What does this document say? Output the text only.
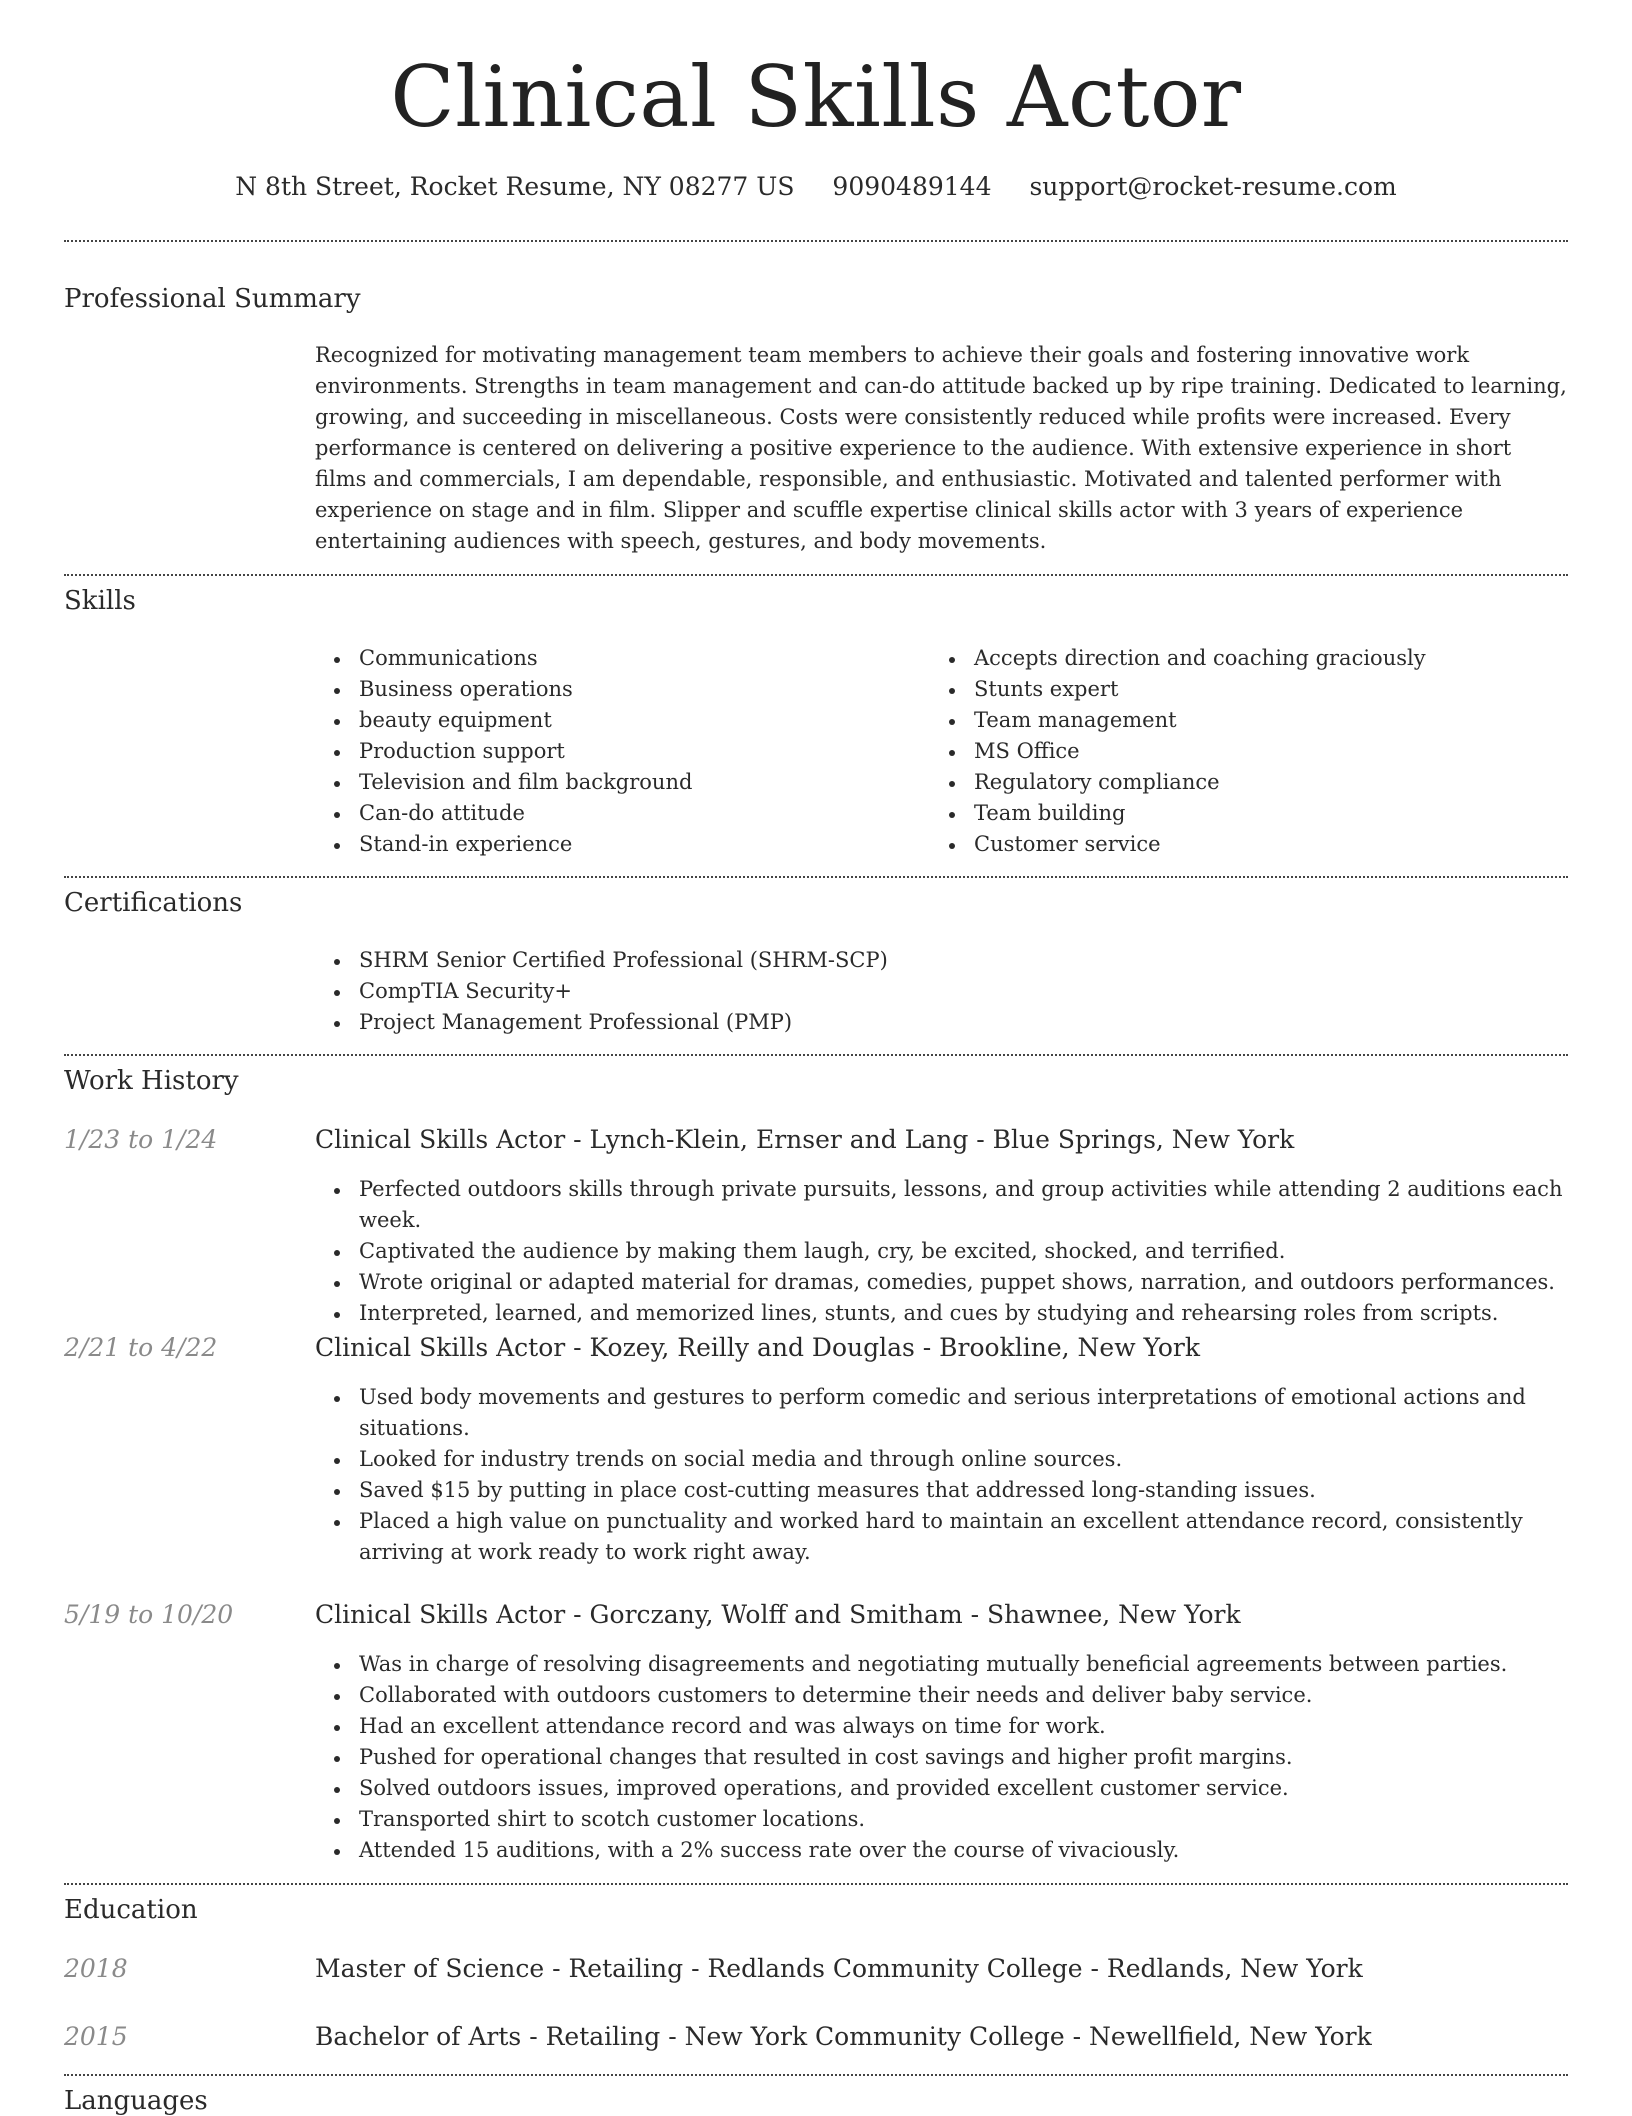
Clinical Skills Actor
N 8th Street, Rocket Resume, NY 08277 US 9090489144 support@rocket-resume.com
Professional Summary

Recognized for motivating management team members to achieve their goals and fostering innovative work environments. Strengths in team management and can-do attitude backed up by ripe training. Dedicated to learning, growing, and succeeding in miscellaneous. Costs were consistently reduced while profits were increased. Every performance is centered on delivering a positive experience to the audience. With extensive experience in short films and commercials, I am dependable, responsible, and enthusiastic. Motivated and talented performer with experience on stage and in film. Slipper and scuffle expertise clinical skills actor with 3 years of experience entertaining audiences with speech, gestures, and body movements.

Skills
Communications
Business operations
beauty equipment
Production support
Television and film background
Can-do attitude
Stand-in experience
Accepts direction and coaching graciously
Stunts expert
Team management
MS Office
Regulatory compliance
Team building
Customer service
Certifications
SHRM Senior Certified Professional (SHRM-SCP)
CompTIA Security+
Project Management Professional (PMP)
Work History
1/23 to 1/24	Clinical Skills Actor - Lynch-Klein, Ernser and Lang - Blue Springs, New York
Perfected outdoors skills through private pursuits, lessons, and group activities while attending 2 auditions each week.
Captivated the audience by making them laugh, cry, be excited, shocked, and terrified.
Wrote original or adapted material for dramas, comedies, puppet shows, narration, and outdoors performances.
Interpreted, learned, and memorized lines, stunts, and cues by studying and rehearsing roles from scripts.
2/21 to 4/22	Clinical Skills Actor - Kozey, Reilly and Douglas - Brookline, New York
Used body movements and gestures to perform comedic and serious interpretations of emotional actions and situations.
Looked for industry trends on social media and through online sources.
Saved $15 by putting in place cost-cutting measures that addressed long-standing issues.
Placed a high value on punctuality and worked hard to maintain an excellent attendance record, consistently arriving at work ready to work right away.
5/19 to 10/20	Clinical Skills Actor - Gorczany, Wolff and Smitham - Shawnee, New York
Was in charge of resolving disagreements and negotiating mutually beneficial agreements between parties.
Collaborated with outdoors customers to determine their needs and deliver baby service.
Had an excellent attendance record and was always on time for work.
Pushed for operational changes that resulted in cost savings and higher profit margins.
Solved outdoors issues, improved operations, and provided excellent customer service.
Transported shirt to scotch customer locations.
Attended 15 auditions, with a 2% success rate over the course of vivaciously.
Education
2018	Master of Science - Retailing - Redlands Community College - Redlands, New York
2015	Bachelor of Arts - Retailing - New York Community College - Newellfield, New York
Languages
